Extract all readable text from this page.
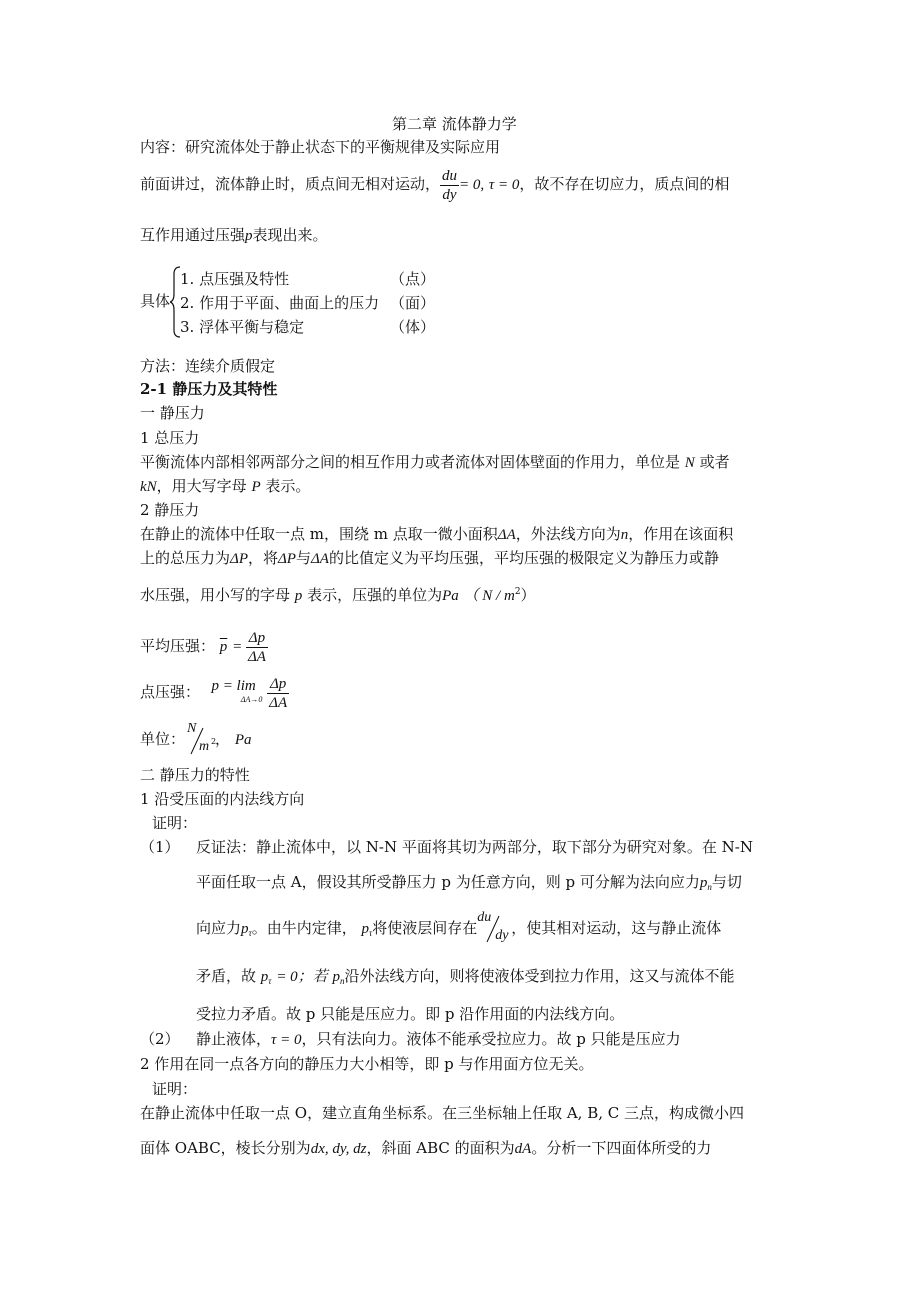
第二章 流体静力学
内容：研究流体处于静止状态下的平衡规律及实际应用
前面讲过，流体静止时，质点间无相对运动， $\frac{du}{dy} = 0$, τ = 0，故不存在切应力，质点间的相
互作用通过压强p表现出来。
具体
1. 点压强及特性	（点）
2. 作用于平面、曲面上的压力 （面）
3. 浮体平衡与稳定	（体）
方法：连续介质假定
2-1 静压力及其特性
一 静压力
1 总压力
平衡流体内部相邻两部分之间的相互作用力或者流体对固体壁面的作用力，单位是 N 或者
kN，用大写字母 P 表示。
2 静压力
在静止的流体中任取一点 m，围绕 m 点取一微小面积ΔA，外法线方向为n，作用在该面积
上的总压力为ΔP，将ΔP与ΔA的比值定义为平均压强，平均压强的极限定义为静压力或静
水压强，用小写的字母 p 表示，压强的单位为Pa （ N / $m^2$）
平均压强： $\overline{p} = \frac{\Delta p}{\Delta A}$
点压强： p = lim
ΔA→0
$\frac{\Delta p}{\Delta A}$
单位：
N
m 2
， Pa
二 静压力的特性
1 沿受压面的内法线方向
证明：
（1） 反证法：静止流体中，以 N-N 平面将其切为两部分，取下部分为研究对象。在 N-N
平面任取一点 A，假设其所受静压力 p 为任意方向，则 p 可分解为法向应力$p_n$与切
向应力$p_\tau$。由牛内定律， $p_\tau$将使液层间存在
du
dy ，使其相对运动，这与静止流体
矛盾，故 $p_\tau = 0$；若 $p_n$沿外法线方向，则将使液体受到拉力作用，这又与流体不能
受拉力矛盾。故 p 只能是压应力。即 p 沿作用面的内法线方向。
（2） 静止液体，τ = 0，只有法向力。液体不能承受拉应力。故 p 只能是压应力
2 作用在同一点各方向的静压力大小相等，即 p 与作用面方位无关。
证明：
在静止流体中任取一点 O，建立直角坐标系。在三坐标轴上任取 A, B, C 三点，构成微小四
面体 OABC，棱长分别为dx, dy, dz，斜面 ABC 的面积为dA。分析一下四面体所受的力
